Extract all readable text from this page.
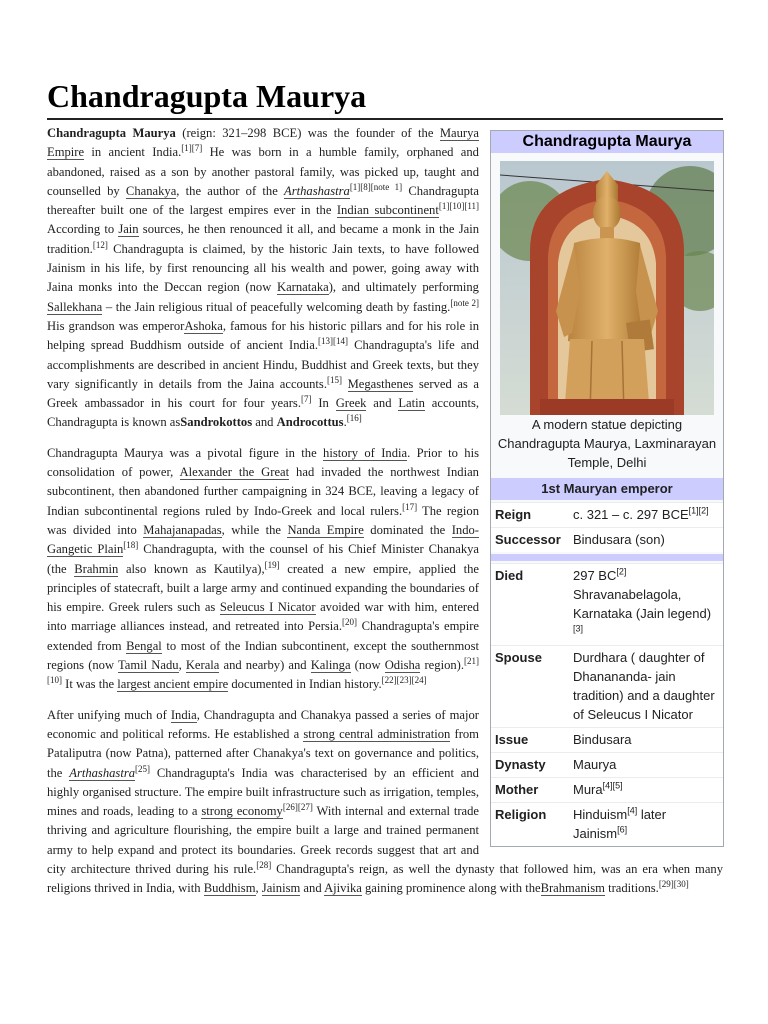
Chandragupta Maurya
Chandragupta Maurya
A modern statue depicting Chandragupta Maurya, Laxminarayan Temple, Delhi
1st Mauryan emperor
Reign	c. 321 – c. 297 BCE[1][2]
Successor Bindusara (son)
Died	297 BC[2]
Shravanabelagola, Karnataka (Jain legend)[3]
Spouse	Durdhara ( daughter of Dhanananda- jain tradition) and a daughter of Seleucus I Nicator
Issue	Bindusara
Dynasty	Maurya
Mother	Mura[4][5]
Religion	Hinduism[4] later Jainism[6]

Chandragupta Maurya (reign: 321–298 BCE) was the founder of the Maurya Empire in ancient India.[1][7] He was born in a humble family, orphaned and abandoned, raised as a son by another pastoral family, was picked up, taught and counselled by Chanakya, the author of the Arthashastra[1][8][note 1] Chandragupta thereafter built one of the largest empires ever in the Indian subcontinent[1][10][11] According to Jain sources, he then renounced it all, and became a monk in the Jain tradition.[12] Chandragupta is claimed, by the historic Jain texts, to have followed Jainism in his life, by first renouncing all his wealth and power, going away with Jaina monks into the Deccan region (now Karnataka), and ultimately performing Sallekhana – the Jain religious ritual of peacefully welcoming death by fasting.[note 2] His grandson was emperorAshoka, famous for his historic pillars and for his role in helping spread Buddhism outside of ancient India.[13][14] Chandragupta's life and accomplishments are described in ancient Hindu, Buddhist and Greek texts, but they vary significantly in details from the Jaina accounts.[15] Megasthenes served as a Greek ambassador in his court for four years.[7] In Greek and Latin accounts, Chandragupta is known asSandrokottos and Androcottus.[16]

Chandragupta Maurya was a pivotal figure in the history of India. Prior to his consolidation of power, Alexander the Great had invaded the northwest Indian subcontinent, then abandoned further campaigning in 324 BCE, leaving a legacy of Indian subcontinental regions ruled by Indo-Greek and local rulers.[17] The region was divided into Mahajanapadas, while the Nanda Empire dominated the Indo-Gangetic Plain[18] Chandragupta, with the counsel of his Chief Minister Chanakya (the Brahmin also known as Kautilya),[19] created a new empire, applied the principles of statecraft, built a large army and continued expanding the boundaries of his empire. Greek rulers such as Seleucus I Nicator avoided war with him, entered into marriage alliances instead, and retreated into Persia.[20] Chandragupta's empire extended from Bengal to most of the Indian subcontinent, except the southernmost regions (now Tamil Nadu, Kerala and nearby) and Kalinga (now Odisha region).[21][10] It was the largest ancient empire documented in Indian history.[22][23][24]

After unifying much of India, Chandragupta and Chanakya passed a series of major economic and political reforms. He established a strong central administration from Pataliputra (now Patna), patterned after Chanakya's text on governance and politics, the Arthashastra[25] Chandragupta's India was characterised by an efficient and highly organised structure. The empire built infrastructure such as irrigation, temples, mines and roads, leading to a strong economy[26][27] With internal and external trade thriving and agriculture flourishing, the empire built a large and trained permanent army to help expand and protect its boundaries. Greek records suggest that art and city architecture thrived during his rule.[28] Chandragupta's reign, as well the dynasty that followed him, was an era when many religions thrived in India, with Buddhism, Jainism and Ajivika gaining prominence along with theBrahmanism traditions.[29][30]
